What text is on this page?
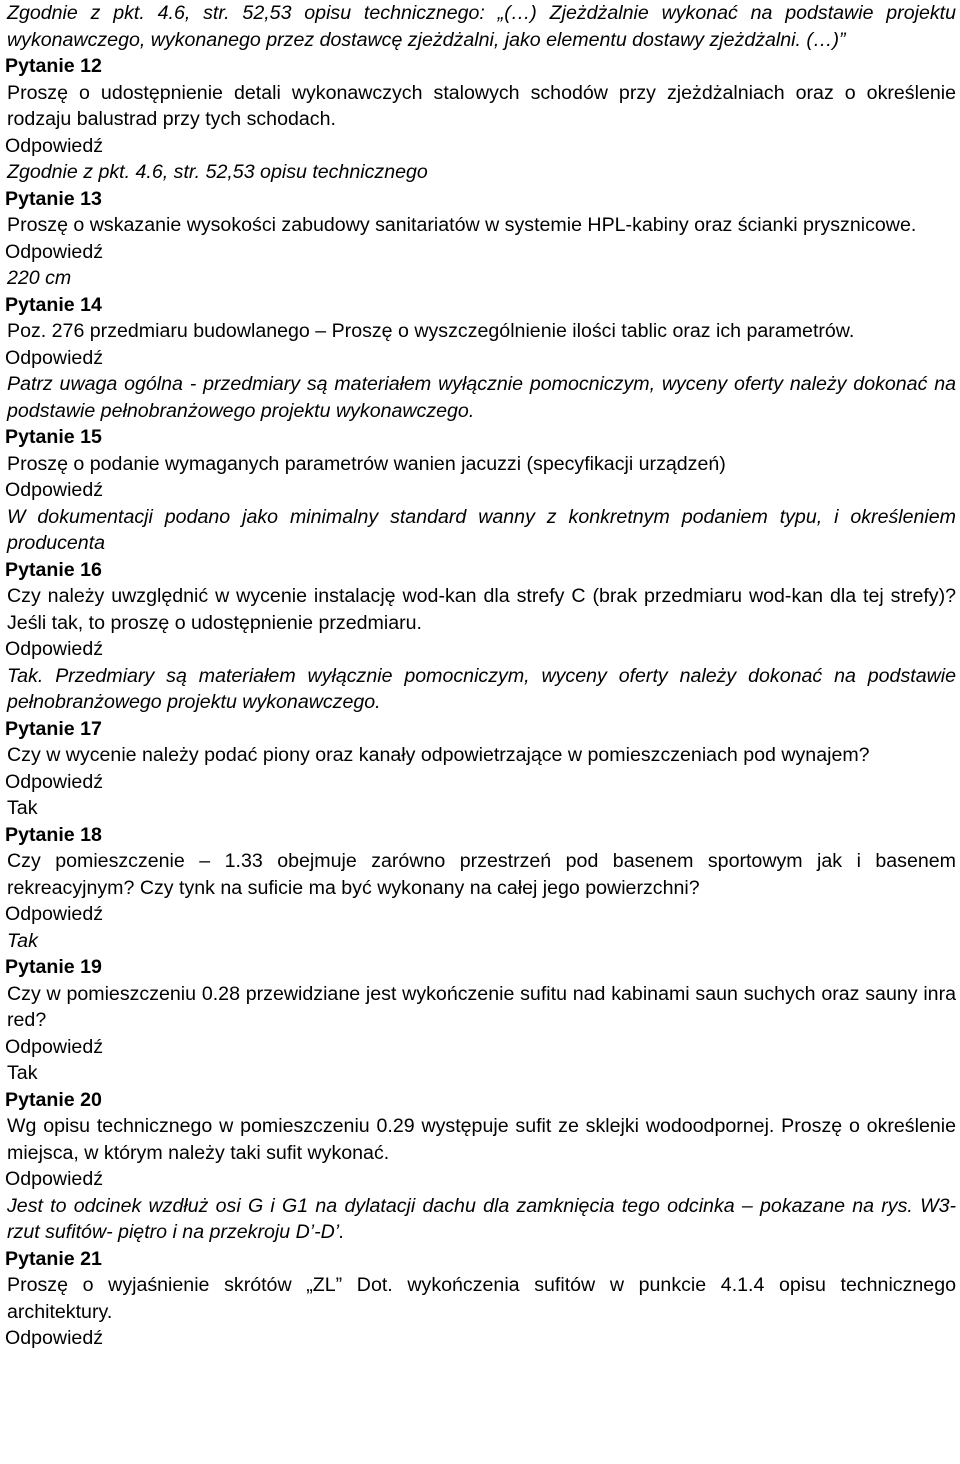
Zgodnie z pkt. 4.6, str. 52,53 opisu technicznego: „(…) Zjeżdżalnie wykonać na podstawie projektu wykonawczego, wykonanego przez dostawcę zjeżdżalni, jako elementu dostawy zjeżdżalni. (…)”

Pytanie 12

Proszę o udostępnienie detali wykonawczych stalowych schodów przy zjeżdżalniach oraz o określenie rodzaju balustrad przy tych schodach.

Odpowiedź

Zgodnie z pkt. 4.6, str. 52,53 opisu technicznego

Pytanie 13

Proszę o wskazanie wysokości zabudowy sanitariatów w systemie HPL-kabiny oraz ścianki prysznicowe.

Odpowiedź

220 cm

Pytanie 14

Poz. 276 przedmiaru budowlanego – Proszę o wyszczególnienie ilości tablic oraz ich parametrów.

Odpowiedź

Patrz uwaga ogólna - przedmiary są materiałem wyłącznie pomocniczym, wyceny oferty należy dokonać na podstawie pełnobranżowego projektu wykonawczego.

Pytanie 15

Proszę o podanie wymaganych parametrów wanien jacuzzi (specyfikacji urządzeń)

Odpowiedź

W dokumentacji podano jako minimalny standard wanny z konkretnym podaniem typu, i określeniem producenta

Pytanie 16

Czy należy uwzględnić w wycenie instalację wod-kan dla strefy C (brak przedmiaru wod-kan dla tej strefy)? Jeśli tak, to proszę o udostępnienie przedmiaru.

Odpowiedź

Tak. Przedmiary są materiałem wyłącznie pomocniczym, wyceny oferty należy dokonać na podstawie pełnobranżowego projektu wykonawczego.

Pytanie 17

Czy w wycenie należy podać piony oraz kanały odpowietrzające w pomieszczeniach pod wynajem?

Odpowiedź

Tak

Pytanie 18

Czy pomieszczenie – 1.33 obejmuje zarówno przestrzeń pod basenem sportowym jak i basenem rekreacyjnym? Czy tynk na suficie ma być wykonany na całej jego powierzchni?

Odpowiedź

Tak

Pytanie 19

Czy w pomieszczeniu 0.28 przewidziane jest wykończenie sufitu nad kabinami saun suchych oraz sauny inra red?

Odpowiedź

Tak

Pytanie 20

Wg opisu technicznego w pomieszczeniu 0.29 występuje sufit ze sklejki wodoodpornej. Proszę o określenie miejsca, w którym należy taki sufit wykonać.

Odpowiedź

Jest to odcinek wzdłuż osi G i G1 na dylatacji dachu dla zamknięcia tego odcinka – pokazane na rys. W3- rzut sufitów- piętro i na przekroju D’-D’.

Pytanie 21

Proszę o wyjaśnienie skrótów „ZL” Dot. wykończenia sufitów w punkcie 4.1.4 opisu technicznego architektury.

Odpowiedź
